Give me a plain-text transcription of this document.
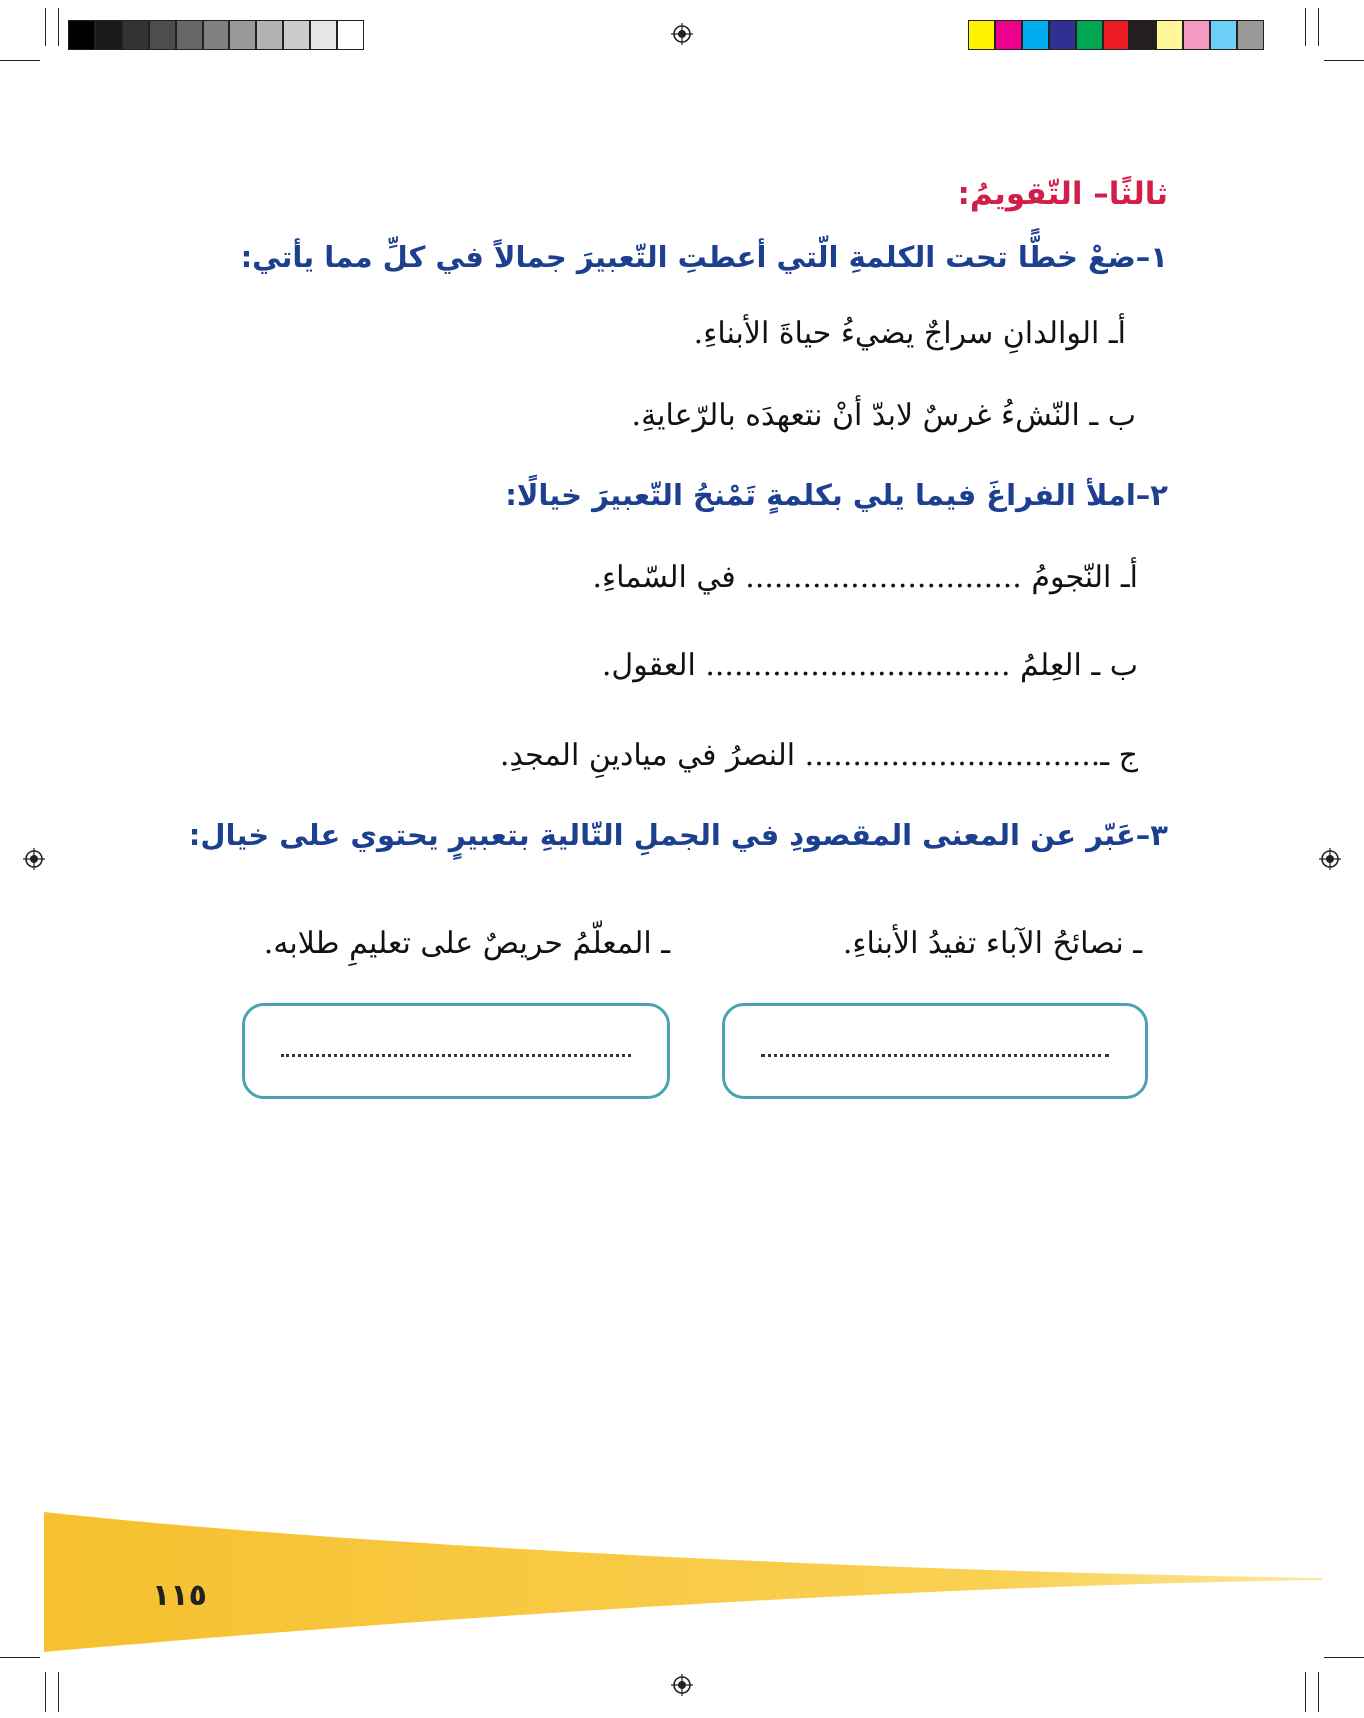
ثالثًا– التّقويمُ:
١–ضعْ خطًّا تحت الكلمةِ الّتي أعطتِ التّعبيرَ جمالاً في كلِّ مما يأتي:
أـ الوالدانِ سراجٌ يضيءُ حياةَ الأبناءِ.
ب ـ النّشءُ غرسٌ لابدّ أنْ نتعهدَه بالرّعايةِ.
٢–املأ الفراغَ فيما يلي بكلمةٍ تَمْنحُ التّعبيرَ خيالًا:
أـ النّجومُ ............................. في السّماءِ.
ب ـ العِلمُ ................................ العقول.
ج ـ............................... النصرُ في ميادينِ المجدِ.
٣–عَبّر عن المعنى المقصودِ في الجملِ التّاليةِ بتعبيرٍ يحتوي على خيال:
ـ نصائحُ الآباء تفيدُ الأبناءِ.
ـ المعلّمُ حريصٌ على تعليمِ طلابه.
١١٥
